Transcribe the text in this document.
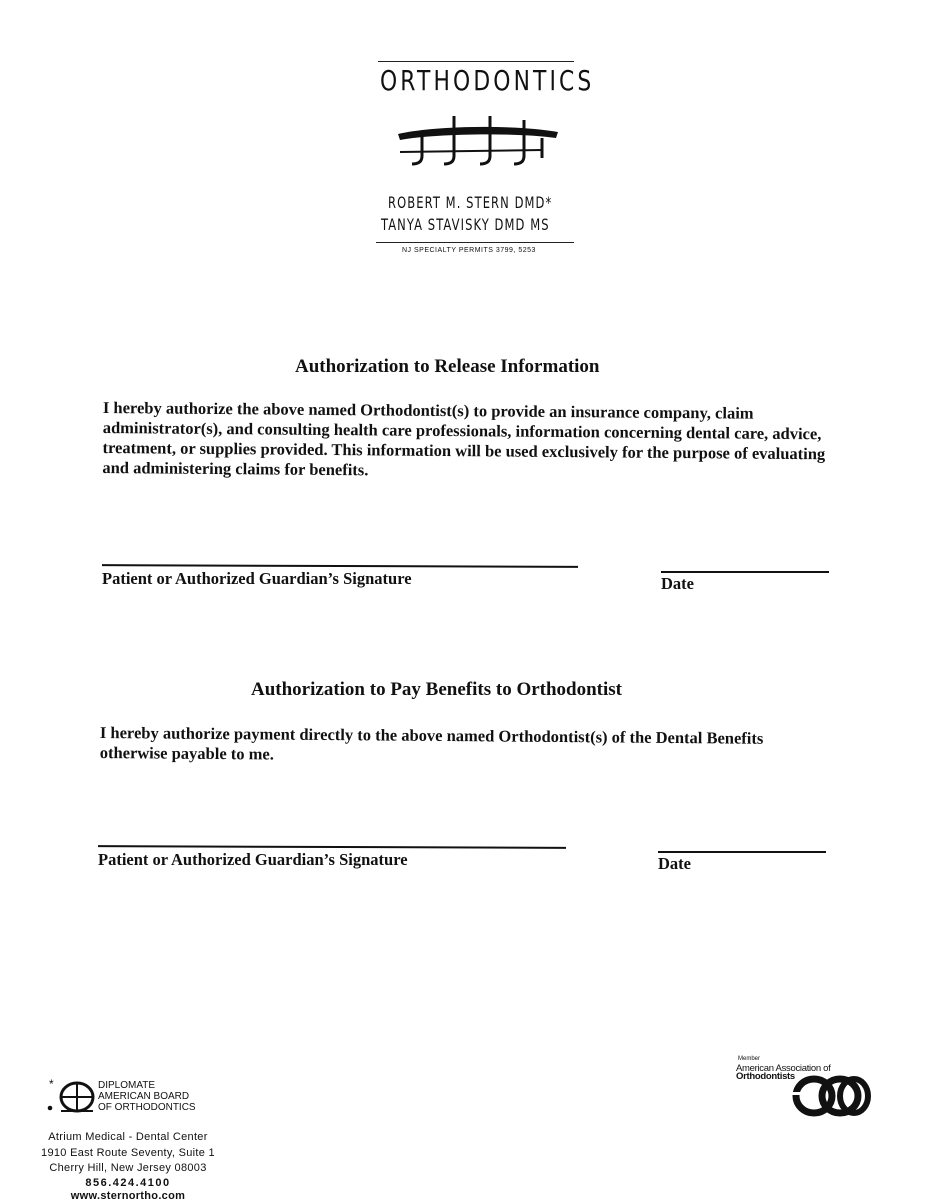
ORTHODONTICS
ROBERT M. STERN DMD*
TANYA STAVISKY DMD MS
NJ SPECIALTY PERMITS 3799, 5253
Authorization to Release Information
I hereby authorize the above named Orthodontist(s) to provide an insurance company, claim administrator(s), and consulting health care professionals, information concerning dental care, advice, treatment, or supplies provided. This information will be used exclusively for the purpose of evaluating and administering claims for benefits.
Patient or Authorized Guardian’s Signature	Date
Authorization to Pay Benefits to Orthodontist
I hereby authorize payment directly to the above named Orthodontist(s) of the Dental Benefits otherwise payable to me.
Patient or Authorized Guardian’s Signature	Date
*	DIPLOMATE
AMERICAN BOARD
OF ORTHODONTICS
Atrium Medical - Dental Center
1910 East Route Seventy, Suite 1
Cherry Hill, New Jersey 08003
856.424.4100
www.sternortho.com
Member
American Association of
Orthodontists
